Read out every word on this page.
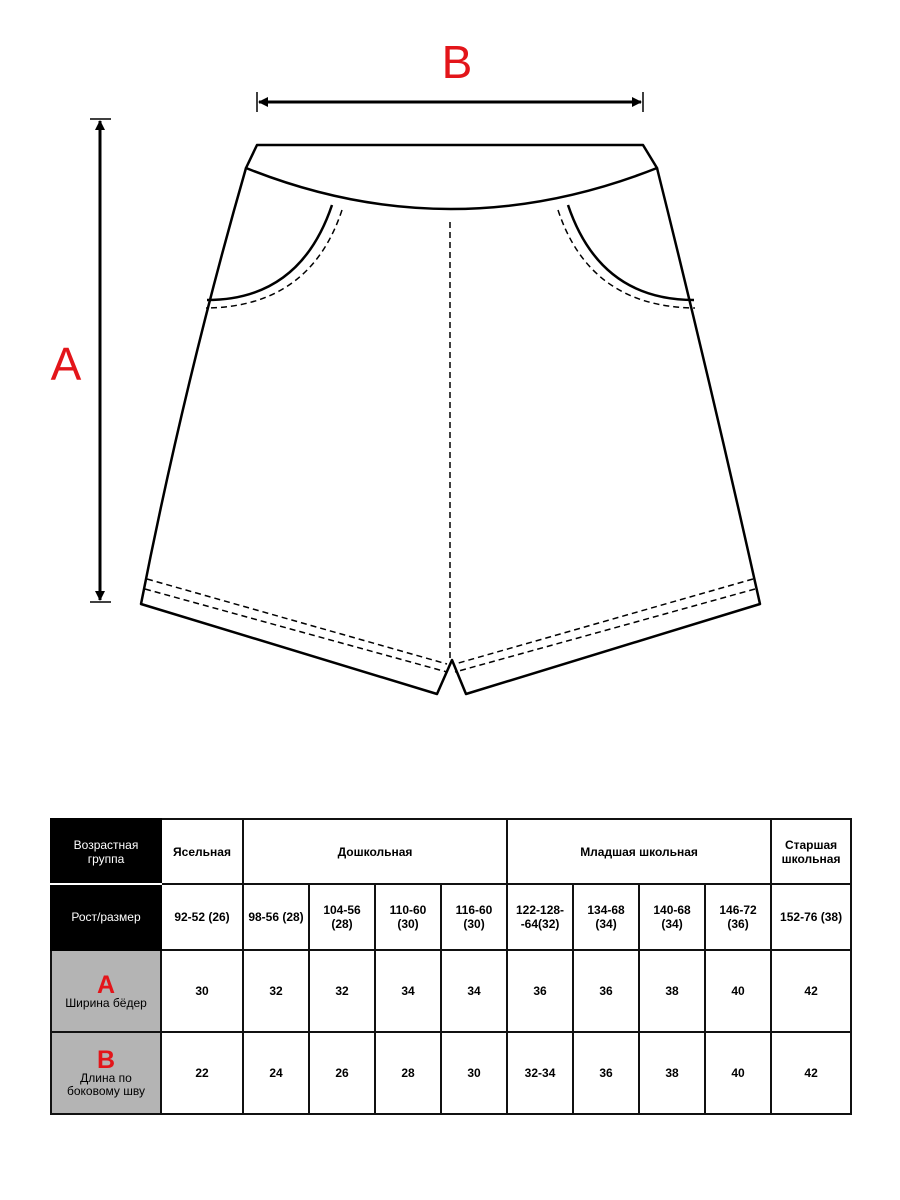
B
A
Возрастная группа	Ясельная	Дошкольная				Младшая школьная				Старшая школьная
Рост/размер	92-52 (26)	98-56 (28)	104-56 (28)	110-60 (30)	116-60 (30)	122-128- -64(32)	134-68 (34)	140-68 (34)	146-72 (36)	152-76 (38)

A
Ширина бёдер	30	32	32	34	34	36	36	38	40	42

B
Длина по боковому шву	22	24	26	28	30	32-34	36	38	40	42
